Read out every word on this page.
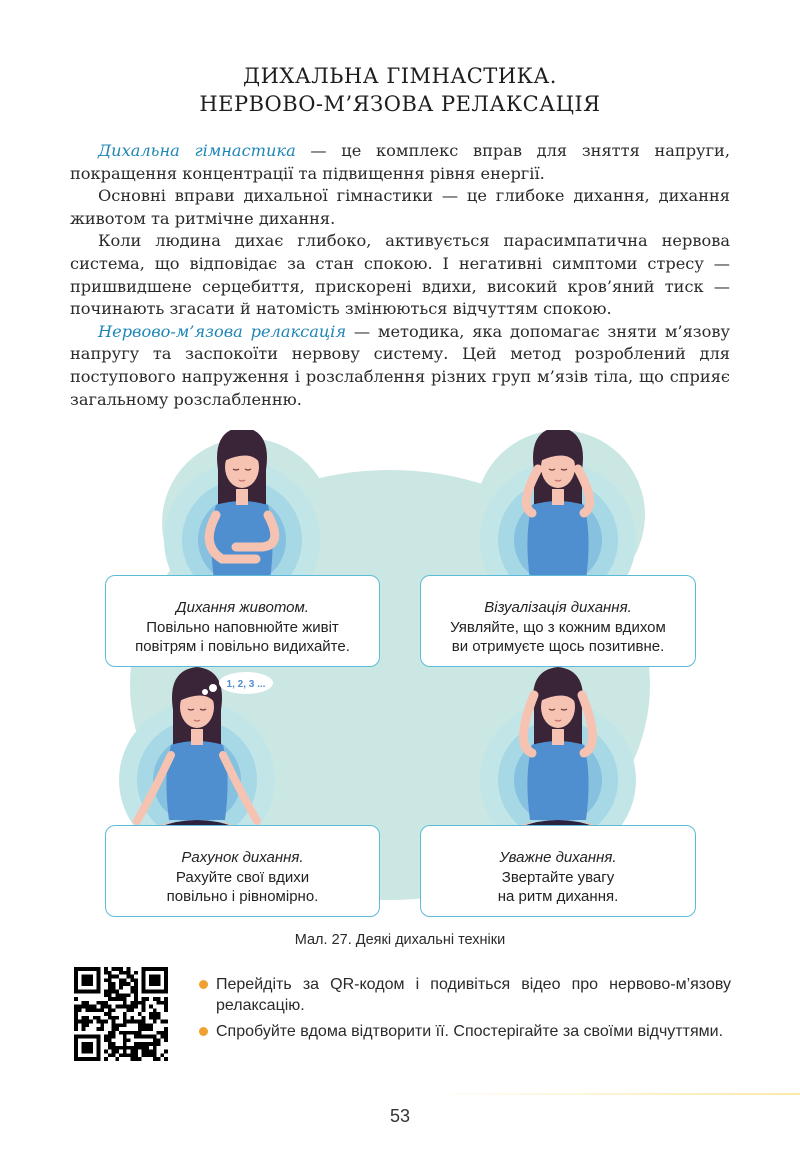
ДИХАЛЬНА ГІМНАСТИКА.
НЕРВОВО-М’ЯЗОВА РЕЛАКСАЦІЯ

Дихальна гімнастика — це комплекс вправ для зняття напруги, покращення концентрації та підвищення рівня енергії.

Основні вправи дихальної гімнастики — це глибоке дихання, дихання животом та ритмічне дихання.

Коли людина дихає глибоко, активується парасимпатична нервова система, що відповідає за стан спокою. І негативні симптоми стресу — пришвидшене серцебиття, прискорені вдихи, високий кров’яний тиск — починають згасати й натомість змінюються відчуттям спокою.

Нервово-м’язова релаксація — методика, яка допомагає зняти м’язову напругу та заспокоїти нервову систему. Цей метод розроблений для поступового напруження і розслаблення різних груп м’язів тіла, що сприяє загальному розслабленню.

1, 2, 3 ...
Дихання животом.
Повільно наповнюйте живіт
повітрям і повільно видихайте.
Візуалізація дихання.
Уявляйте, що з кожним вдихом
ви отримуєте щось позитивне.
Рахунок дихання.
Рахуйте свої вдихи
повільно і рівномірно.
Уважне дихання.
Звертайте увагу
на ритм дихання.
Мал. 27. Деякі дихальні техніки
Перейдіть за QR-кодом і подивіться відео про нервово-м’язову релаксацію.
Спробуйте вдома відтворити її. Спостерігайте за своїми відчуттями.
53
